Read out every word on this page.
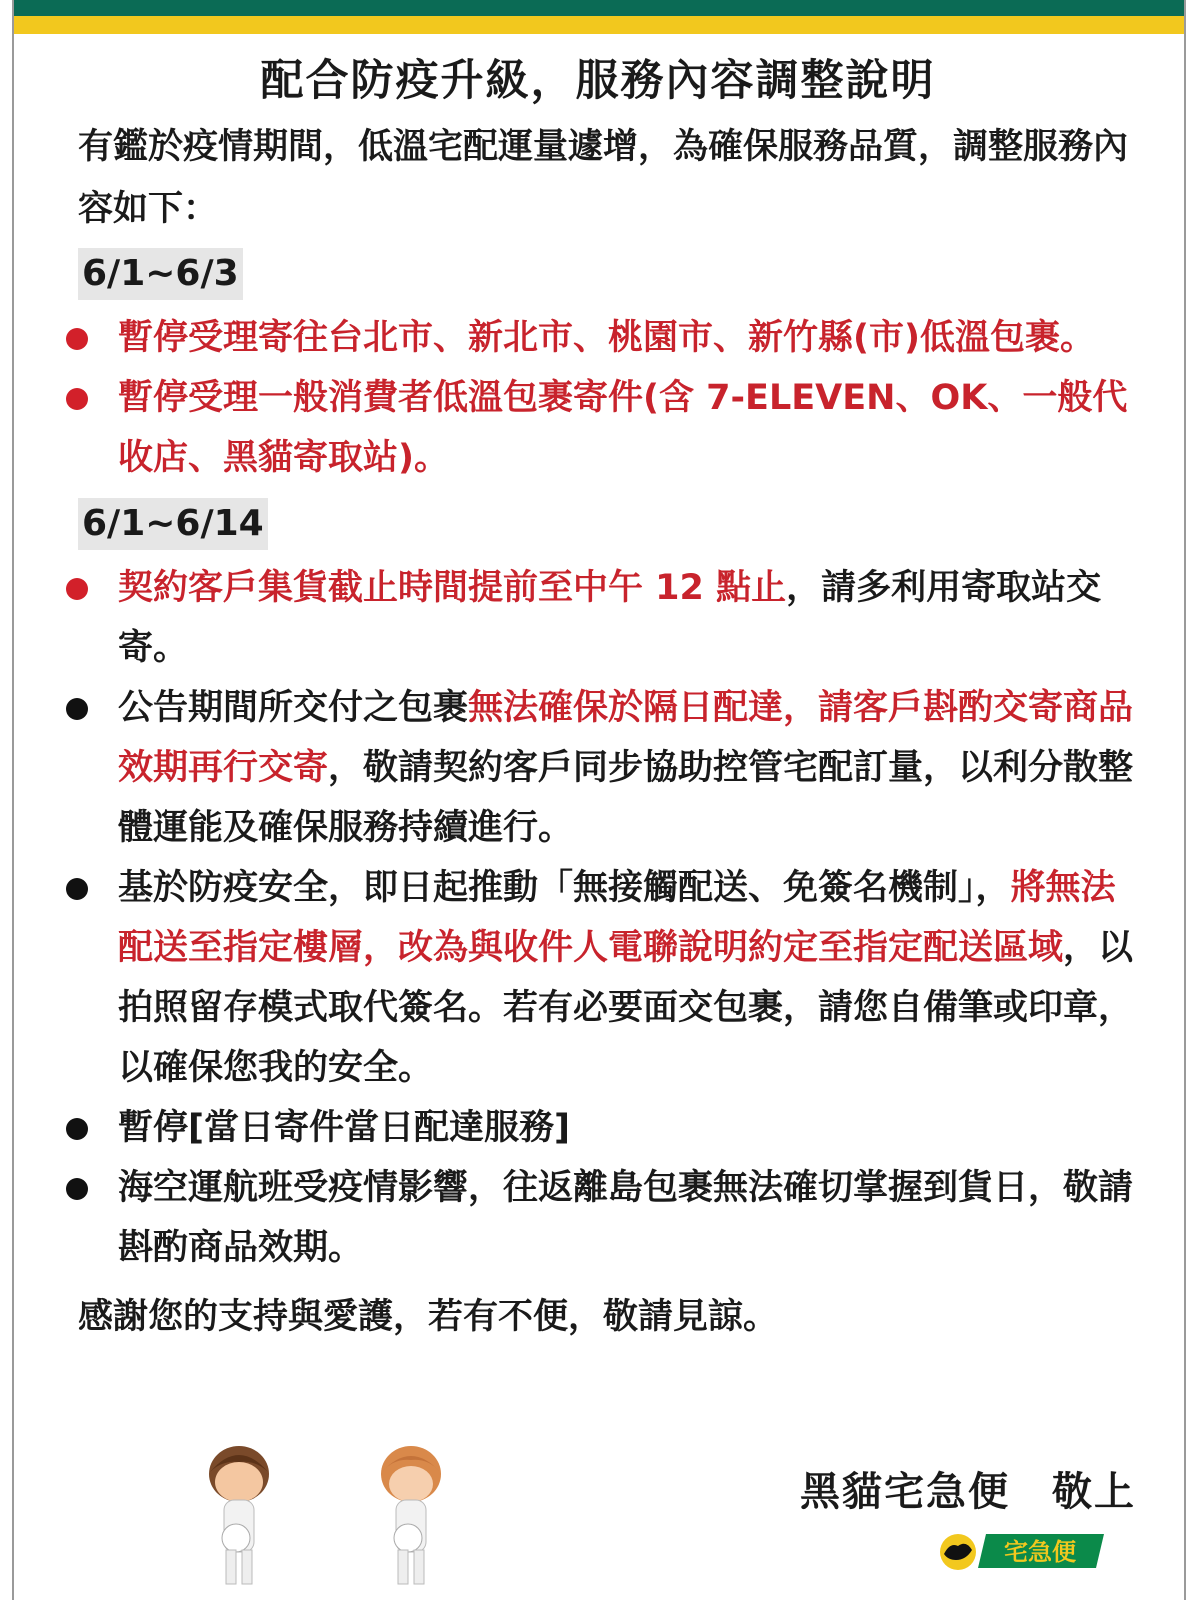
配合防疫升級，服務內容調整說明

有鑑於疫情期間，低溫宅配運量遽增，為確保服務品質，調整服務內容如下：

6/1~6/3
暫停受理寄往台北市、新北市、桃園市、新竹縣(市)低溫包裹。
暫停受理一般消費者低溫包裹寄件(含 7-ELEVEN、OK、一般代收店、黑貓寄取站)。
6/1~6/14
契約客戶集貨截止時間提前至中午 12 點止，請多利用寄取站交寄。
公告期間所交付之包裹無法確保於隔日配達，請客戶斟酌交寄商品效期再行交寄，敬請契約客戶同步協助控管宅配訂量，以利分散整體運能及確保服務持續進行。
基於防疫安全，即日起推動「無接觸配送、免簽名機制」，將無法配送至指定樓層，改為與收件人電聯說明約定至指定配送區域，以拍照留存模式取代簽名。若有必要面交包裹，請您自備筆或印章，以確保您我的安全。
暫停[當日寄件當日配達服務]
海空運航班受疫情影響，往返離島包裹無法確切掌握到貨日，敬請斟酌商品效期。

感謝您的支持與愛護，若有不便，敬請見諒。

黑貓宅急便　敬上
宅急便
